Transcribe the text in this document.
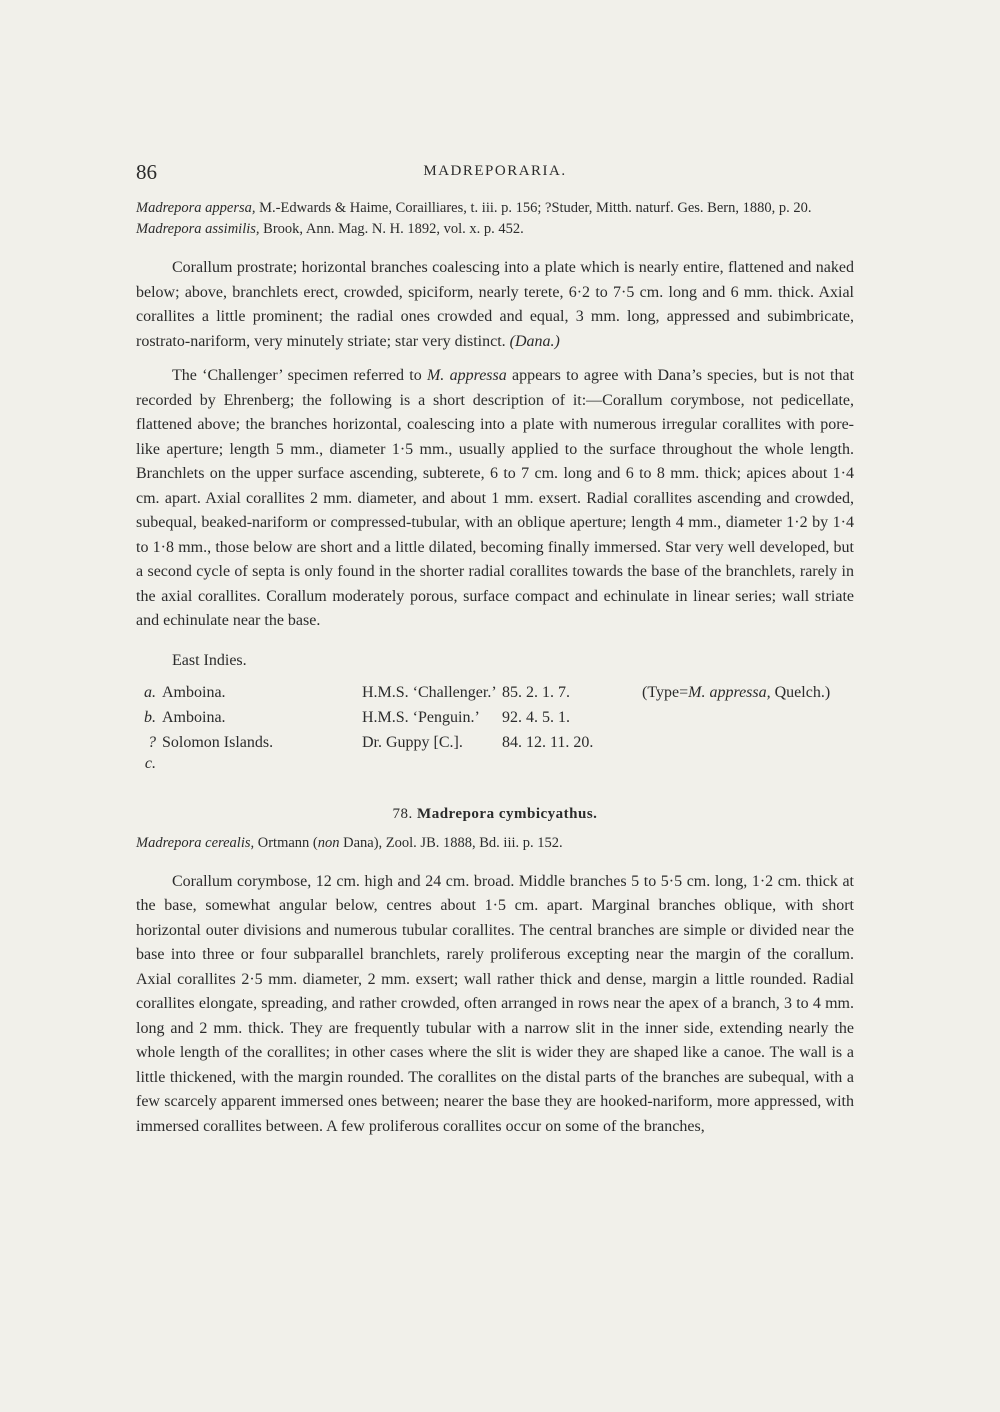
86	MADREPORARIA.

Madrepora appersa, M.-Edwards & Haime, Corailliares, t. iii. p. 156; ?Studer, Mitth. naturf. Ges. Bern, 1880, p. 20.

Madrepora assimilis, Brook, Ann. Mag. N. H. 1892, vol. x. p. 452.

Corallum prostrate; horizontal branches coalescing into a plate which is nearly entire, flattened and naked below; above, branchlets erect, crowded, spiciform, nearly terete, 6·2 to 7·5 cm. long and 6 mm. thick. Axial corallites a little prominent; the radial ones crowded and equal, 3 mm. long, appressed and subimbricate, rostrato-nariform, very minutely striate; star very distinct. (Dana.)

The ‘Challenger’ specimen referred to M. appressa appears to agree with Dana’s species, but is not that recorded by Ehrenberg; the following is a short description of it:—Corallum corymbose, not pedicellate, flattened above; the branches horizontal, coalescing into a plate with numerous irregular corallites with pore-like aperture; length 5 mm., diameter 1·5 mm., usually applied to the surface throughout the whole length. Branchlets on the upper surface ascending, subterete, 6 to 7 cm. long and 6 to 8 mm. thick; apices about 1·4 cm. apart. Axial corallites 2 mm. diameter, and about 1 mm. exsert. Radial corallites ascending and crowded, subequal, beaked-nariform or compressed-tubular, with an oblique aperture; length 4 mm., diameter 1·2 by 1·4 to 1·8 mm., those below are short and a little dilated, becoming finally immersed. Star very well developed, but a second cycle of septa is only found in the shorter radial corallites towards the base of the branchlets, rarely in the axial corallites. Corallum moderately porous, surface compact and echinulate in linear series; wall striate and echinulate near the base.

East Indies.
a.	Amboina.	H.M.S. ‘Challenger.’	85. 2. 1. 7.	(Type=M. appressa, Quelch.)
b.	Amboina.	H.M.S. ‘Penguin.’	92. 4. 5. 1.	
? c.	Solomon Islands.	Dr. Guppy [C.].	84. 12. 11. 20.	
78. Madrepora cymbicyathus.

Madrepora cerealis, Ortmann (non Dana), Zool. JB. 1888, Bd. iii. p. 152.

Corallum corymbose, 12 cm. high and 24 cm. broad. Middle branches 5 to 5·5 cm. long, 1·2 cm. thick at the base, somewhat angular below, centres about 1·5 cm. apart. Marginal branches oblique, with short horizontal outer divisions and numerous tubular corallites. The central branches are simple or divided near the base into three or four subparallel branchlets, rarely proliferous excepting near the margin of the corallum. Axial corallites 2·5 mm. diameter, 2 mm. exsert; wall rather thick and dense, margin a little rounded. Radial corallites elongate, spreading, and rather crowded, often arranged in rows near the apex of a branch, 3 to 4 mm. long and 2 mm. thick. They are frequently tubular with a narrow slit in the inner side, extending nearly the whole length of the corallites; in other cases where the slit is wider they are shaped like a canoe. The wall is a little thickened, with the margin rounded. The corallites on the distal parts of the branches are subequal, with a few scarcely apparent immersed ones between; nearer the base they are hooked-nariform, more appressed, with immersed corallites between. A few proliferous corallites occur on some of the branches,
